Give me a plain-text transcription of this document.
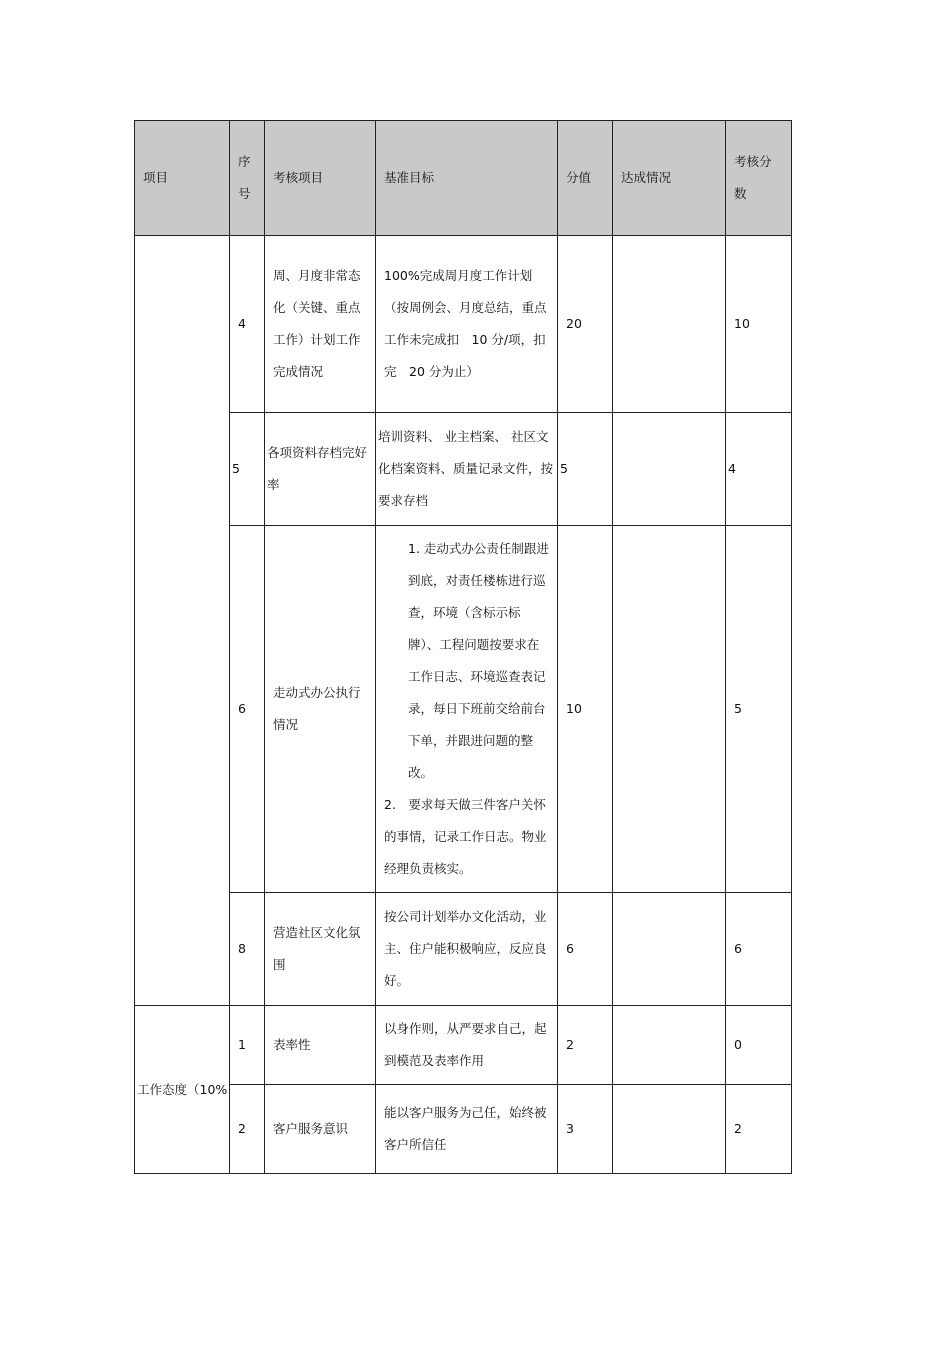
项目	序号	考核项目	基准目标	分值	达成情况	考核分数

	4	周、月度非常态化（关键、重点工作）计划工作完成情况	100%完成周月度工作计划（按周例会、月度总结，重点工作未完成扣　10 分/项，扣完　20 分为止）	20		10
	5	各项资料存档完好率	培训资料、 业主档案、 社区文化档案资料、质量记录文件，按要求存档	5		4
	6	走动式办公执行情况	1. 走动式办公责任制跟进到底，对责任楼栋进行巡查，环境（含标示标牌）、工程问题按要求在工作日志、环境巡查表记录，每日下班前交给前台下单，并跟进问题的整改。
2.　要求每天做三件客户关怀的事情，记录工作日志。物业经理负责核实。	10		5
	8	营造社区文化氛围	按公司计划举办文化活动，业主、住户能积极响应，反应良好。	6		6
工作态度（10%	1	表率性	以身作则，从严要求自己，起到模范及表率作用	2		0
	2	客户服务意识	能以客户服务为己任，始终被客户所信任	3		2
